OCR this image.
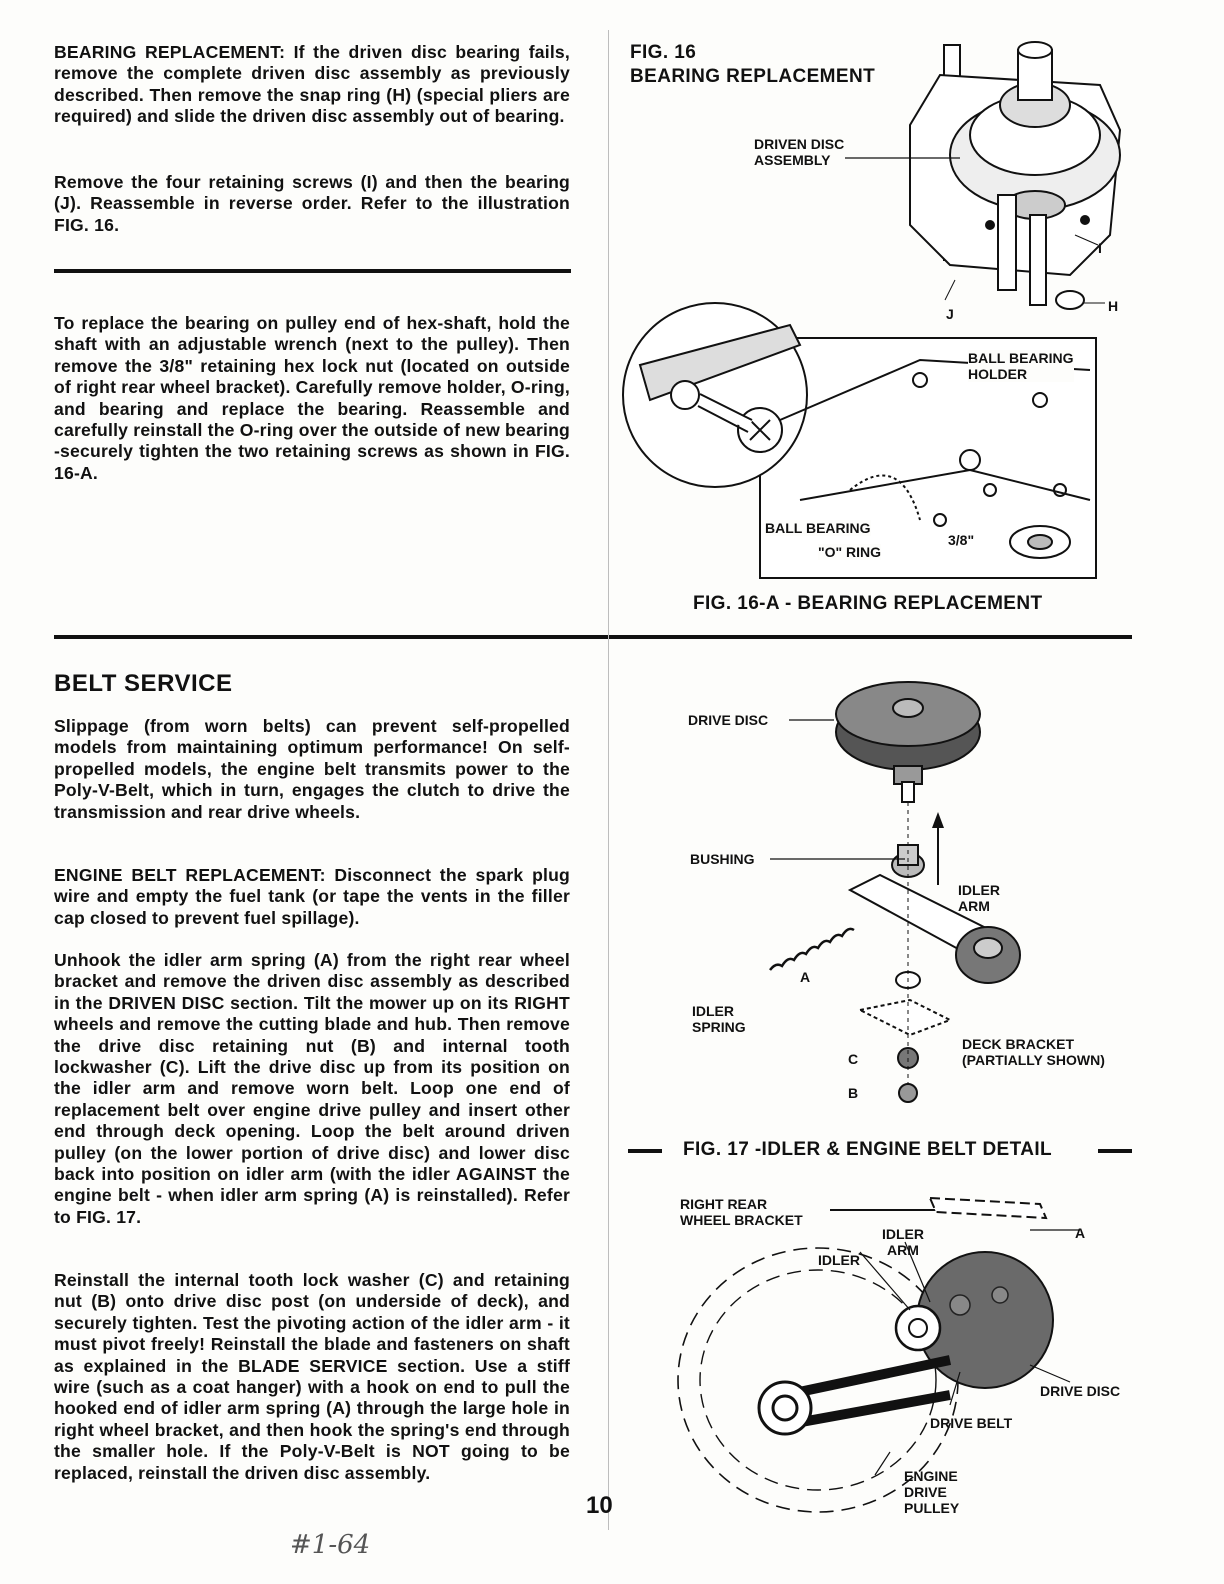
BEARING REPLACEMENT: If the driven disc bearing fails, remove the complete driven disc assembly as previously described. Then remove the snap ring (H) (special pliers are required) and slide the driven disc assembly out of bearing.
Remove the four retaining screws (I) and then the bearing (J). Reassemble in reverse order. Refer to the illustration FIG. 16.
To replace the bearing on pulley end of hex-shaft, hold the shaft with an adjustable wrench (next to the pulley). Then remove the 3/8" retaining hex lock nut (located on outside of right rear wheel bracket). Carefully remove holder, O-ring, and bearing and replace the bearing. Reassemble and carefully reinstall the O-ring over the outside of new bearing -securely tighten the two retaining screws as shown in FIG. 16-A.
BELT SERVICE
Slippage (from worn belts) can prevent self-propelled models from maintaining optimum performance! On self-propelled models, the engine belt transmits power to the Poly-V-Belt, which in turn, engages the clutch to drive the transmission and rear drive wheels.
ENGINE BELT REPLACEMENT: Disconnect the spark plug wire and empty the fuel tank (or tape the vents in the filler cap closed to prevent fuel spillage).
Unhook the idler arm spring (A) from the right rear wheel bracket and remove the driven disc assembly as described in the DRIVEN DISC section. Tilt the mower up on its RIGHT wheels and remove the cutting blade and hub. Then remove the drive disc retaining nut (B) and internal tooth lockwasher (C). Lift the drive disc up from its position on the idler arm and remove worn belt. Loop one end of replacement belt over engine drive pulley and insert other end through deck opening. Loop the belt around driven pulley (on the lower portion of drive disc) and lower disc back into position on idler arm (with the idler AGAINST the engine belt - when idler arm spring (A) is reinstalled). Refer to FIG. 17.
Reinstall the internal tooth lock washer (C) and retaining nut (B) onto drive disc post (on underside of deck), and securely tighten. Test the pivoting action of the idler arm - it must pivot freely! Reinstall the blade and fasteners on shaft as explained in the BLADE SERVICE section. Use a stiff wire (such as a coat hanger) with a hook on end to pull the hooked end of idler arm spring (A) through the large hole in right wheel bracket, and then hook the spring's end through the smaller hole. If the Poly-V-Belt is NOT going to be replaced, reinstall the driven disc assembly.
FIG. 16
BEARING REPLACEMENT
DRIVEN DISC
ASSEMBLY
I
J	H
BALL BEARING
HOLDER
BALL BEARING
"O" RING
3/8"
FIG. 16-A - BEARING REPLACEMENT
DRIVE DISC
BUSHING
IDLER
ARM
A
IDLER
SPRING
DECK BRACKET
(PARTIALLY SHOWN)
C
B
FIG. 17 -IDLER & ENGINE BELT DETAIL
RIGHT REAR
WHEEL BRACKET
IDLER
ARM
A
IDLER
DRIVE DISC
DRIVE BELT
ENGINE
DRIVE
PULLEY
10
#1-64
